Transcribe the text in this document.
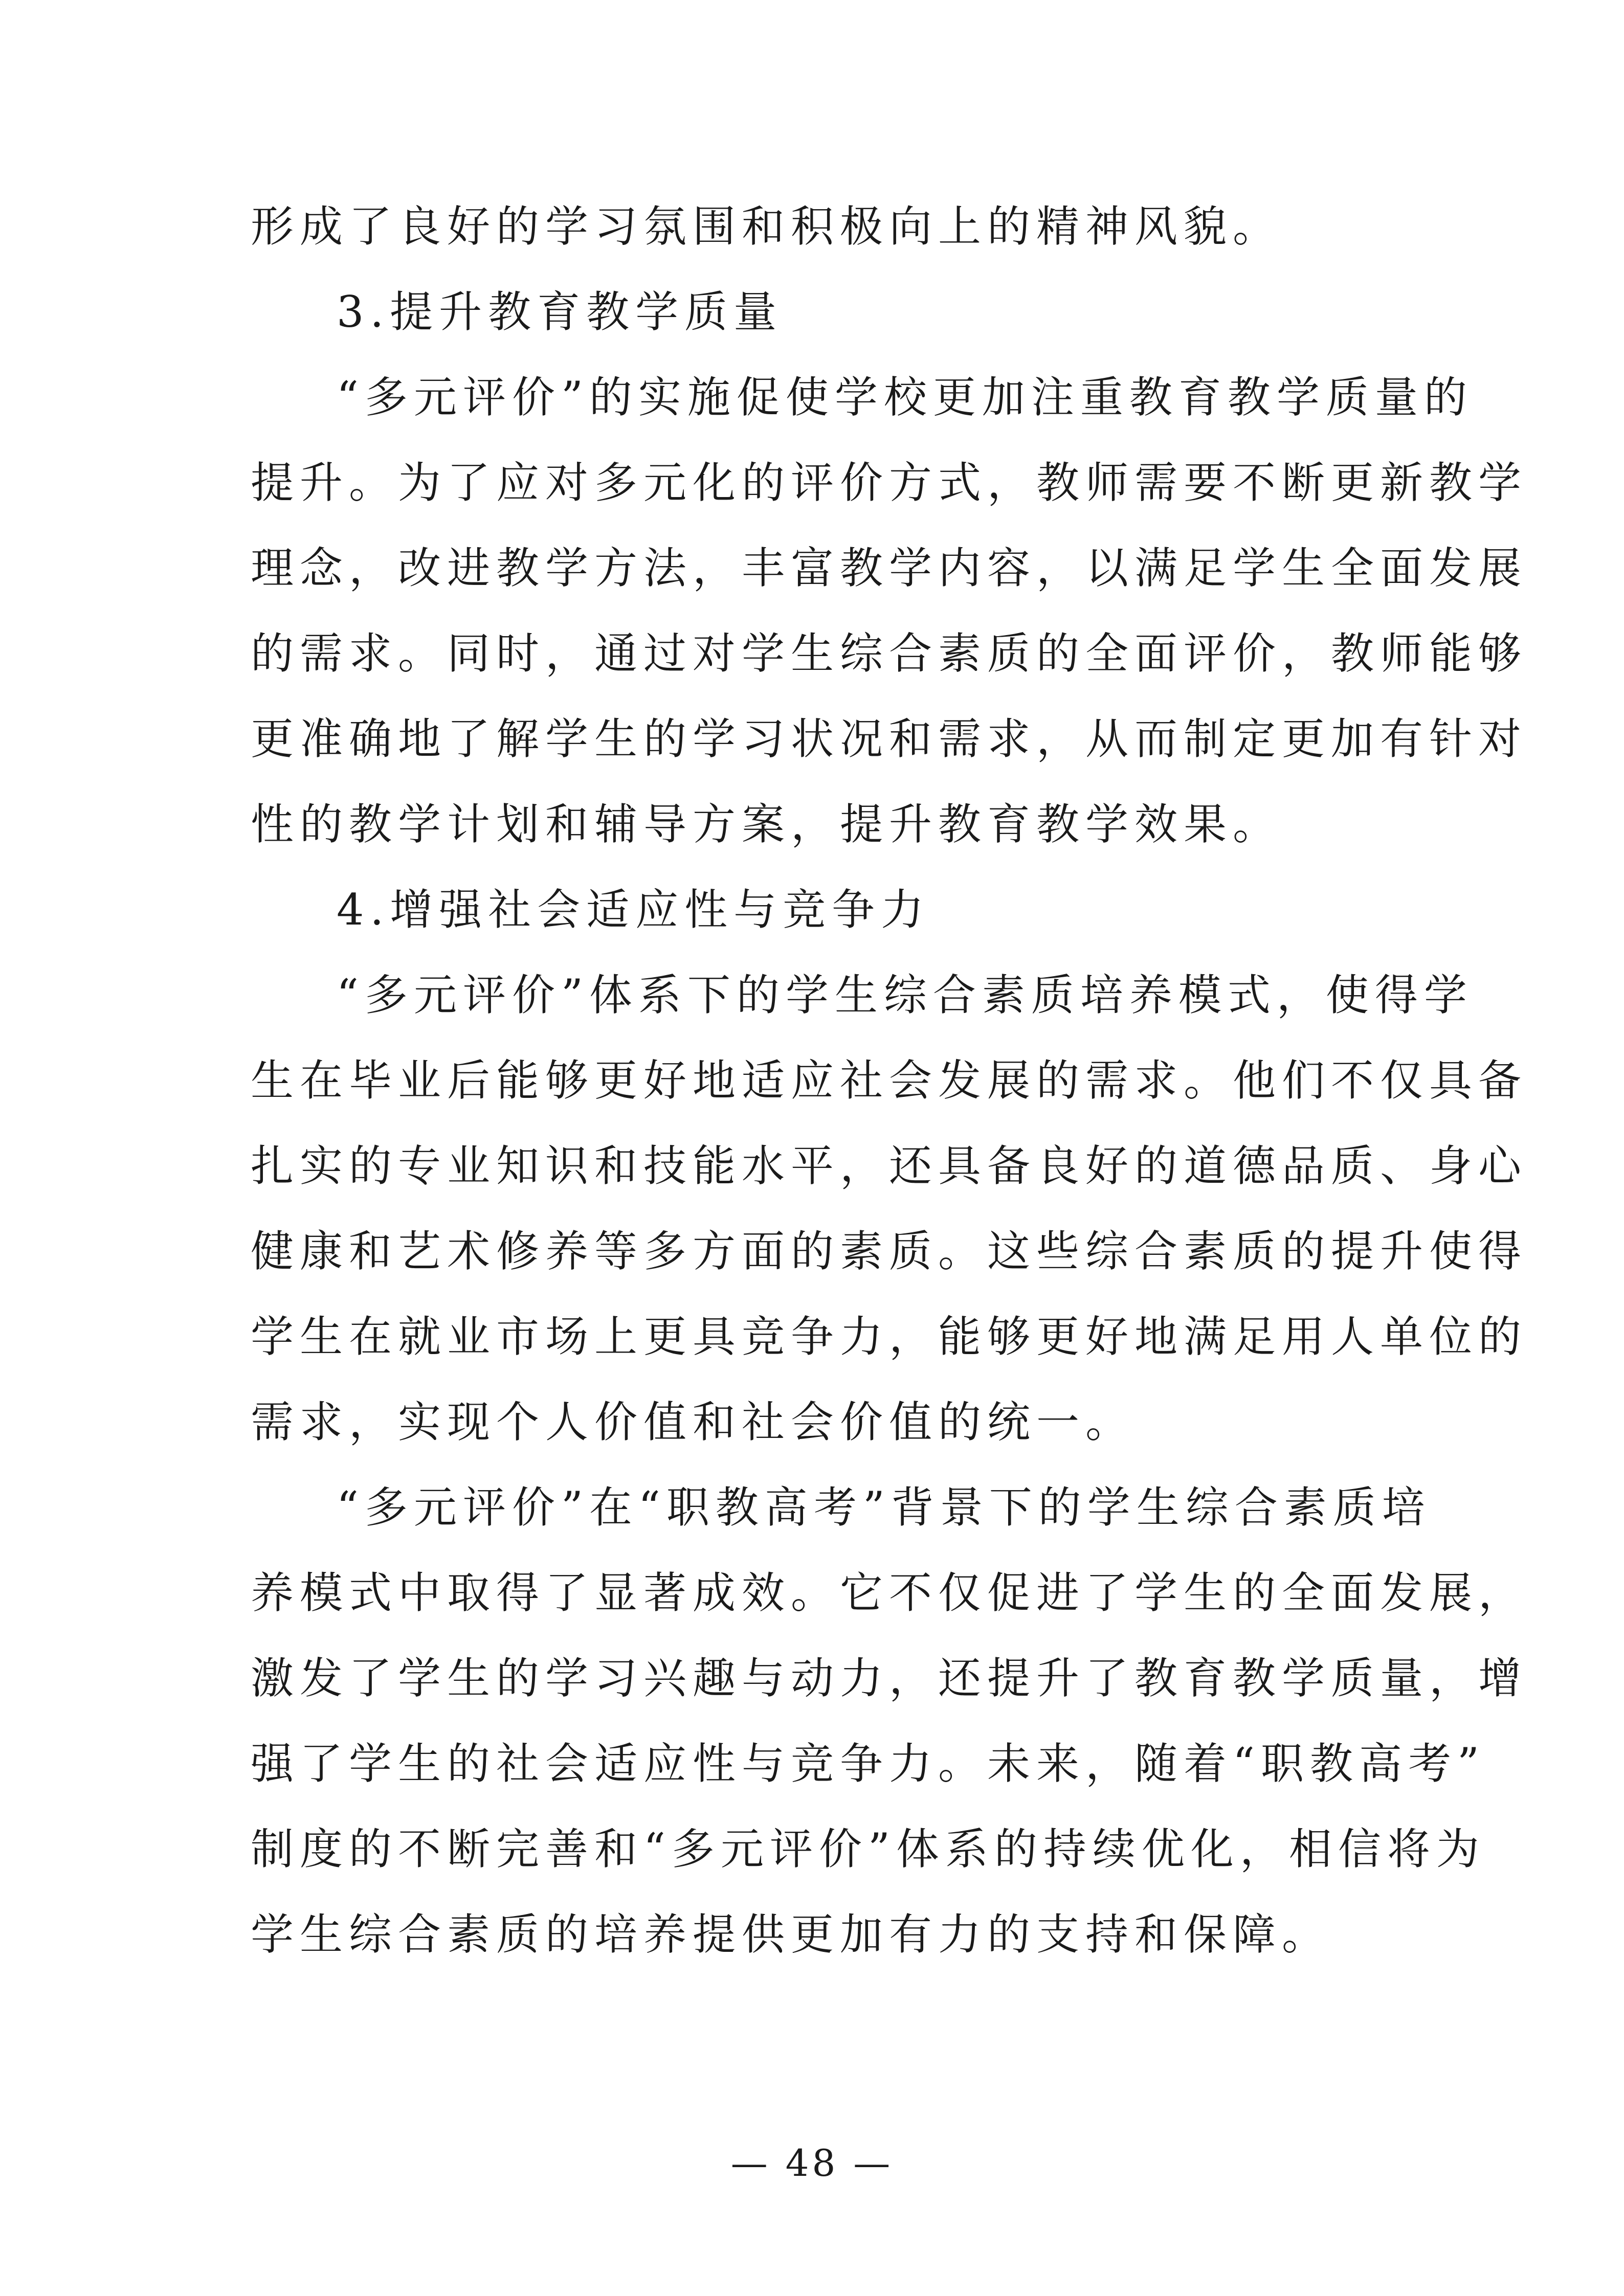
形成了良好的学习氛围和积极向上的精神风貌。
3.提升教育教学质量
“多元评价”的实施促使学校更加注重教育教学质量的
提升。为了应对多元化的评价方式，教师需要不断更新教学
理念，改进教学方法，丰富教学内容，以满足学生全面发展
的需求。同时，通过对学生综合素质的全面评价，教师能够
更准确地了解学生的学习状况和需求，从而制定更加有针对
性的教学计划和辅导方案，提升教育教学效果。
4.增强社会适应性与竞争力
“多元评价”体系下的学生综合素质培养模式，使得学
生在毕业后能够更好地适应社会发展的需求。他们不仅具备
扎实的专业知识和技能水平，还具备良好的道德品质、身心
健康和艺术修养等多方面的素质。这些综合素质的提升使得
学生在就业市场上更具竞争力，能够更好地满足用人单位的
需求，实现个人价值和社会价值的统一。
“多元评价”在“职教高考”背景下的学生综合素质培
养模式中取得了显著成效。它不仅促进了学生的全面发展，
激发了学生的学习兴趣与动力，还提升了教育教学质量，增
强了学生的社会适应性与竞争力。未来，随着“职教高考”
制度的不断完善和“多元评价”体系的持续优化，相信将为
学生综合素质的培养提供更加有力的支持和保障。
— 48 —
